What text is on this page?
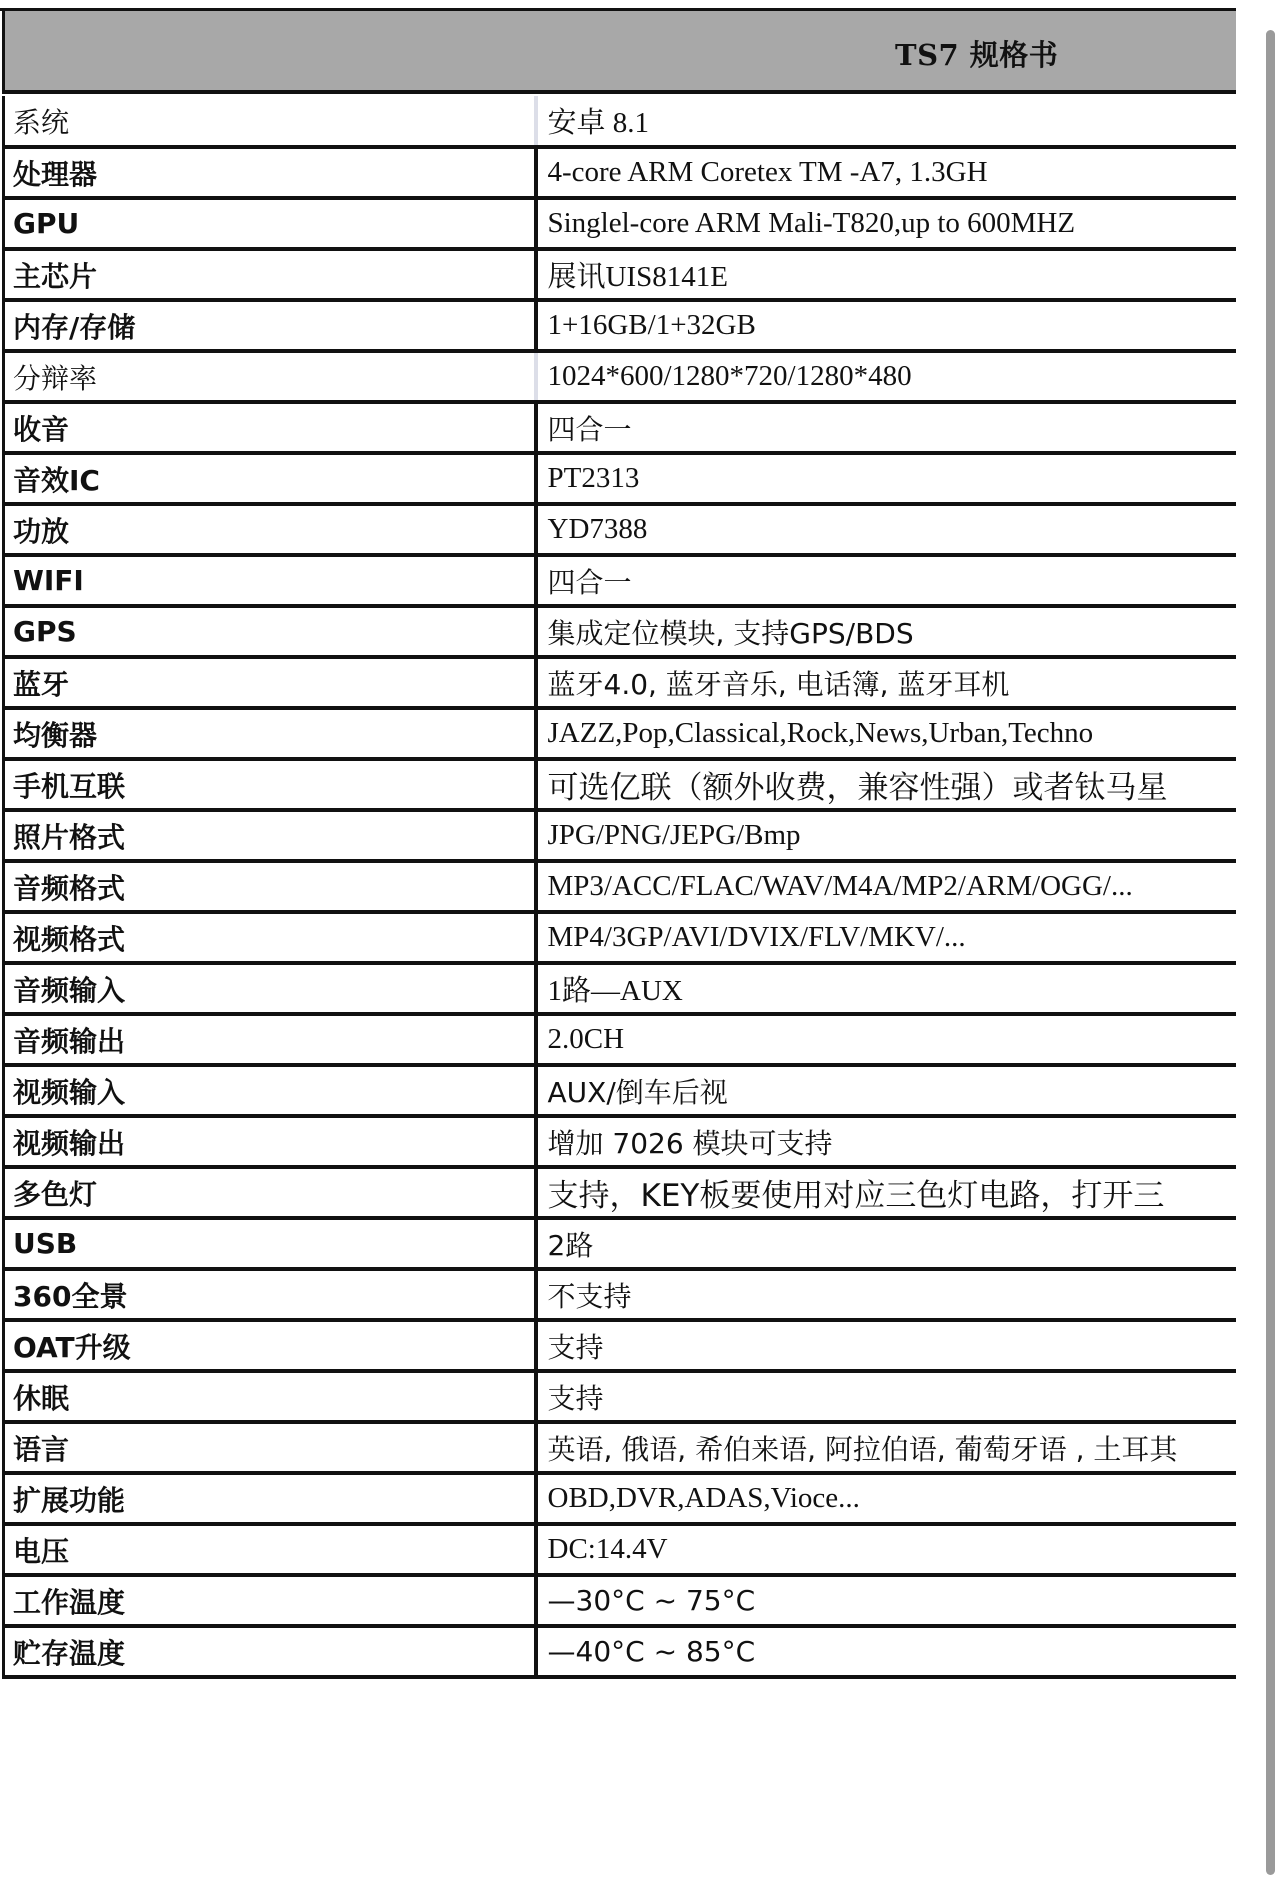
TS7 规格书
系统	安卓 8.1
处理器	4-core ARM Coretex TM -A7, 1.3GH
GPU	Singlel-core ARM Mali-T820,up to 600MHZ
主芯片	展讯UIS8141E
内存/存储	1+16GB/1+32GB
分辩率	1024*600/1280*720/1280*480
收音	四合一
音效IC	PT2313
功放	YD7388
WIFI	四合一
GPS	集成定位模块, 支持GPS/BDS
蓝牙	蓝牙4.0, 蓝牙音乐, 电话簿, 蓝牙耳机
均衡器	JAZZ,Pop,Classical,Rock,News,Urban,Techno
手机互联	可选亿联（额外收费，兼容性强）或者钛马星
照片格式	JPG/PNG/JEPG/Bmp
音频格式	MP3/ACC/FLAC/WAV/M4A/MP2/ARM/OGG/...
视频格式	MP4/3GP/AVI/DVIX/FLV/MKV/...
音频输入	1路—AUX
音频输出	2.0CH
视频输入	AUX/倒车后视
视频输出	增加 7026 模块可支持
多色灯	支持，KEY板要使用对应三色灯电路，打开三
USB	2路
360全景	不支持
OAT升级	支持
休眠	支持
语言	英语, 俄语, 希伯来语, 阿拉伯语, 葡萄牙语 , 土耳其
扩展功能	OBD,DVR,ADAS,Vioce...
电压	DC:14.4V
工作温度	—30°C ~ 75°C
贮存温度	—40°C ~ 85°C
